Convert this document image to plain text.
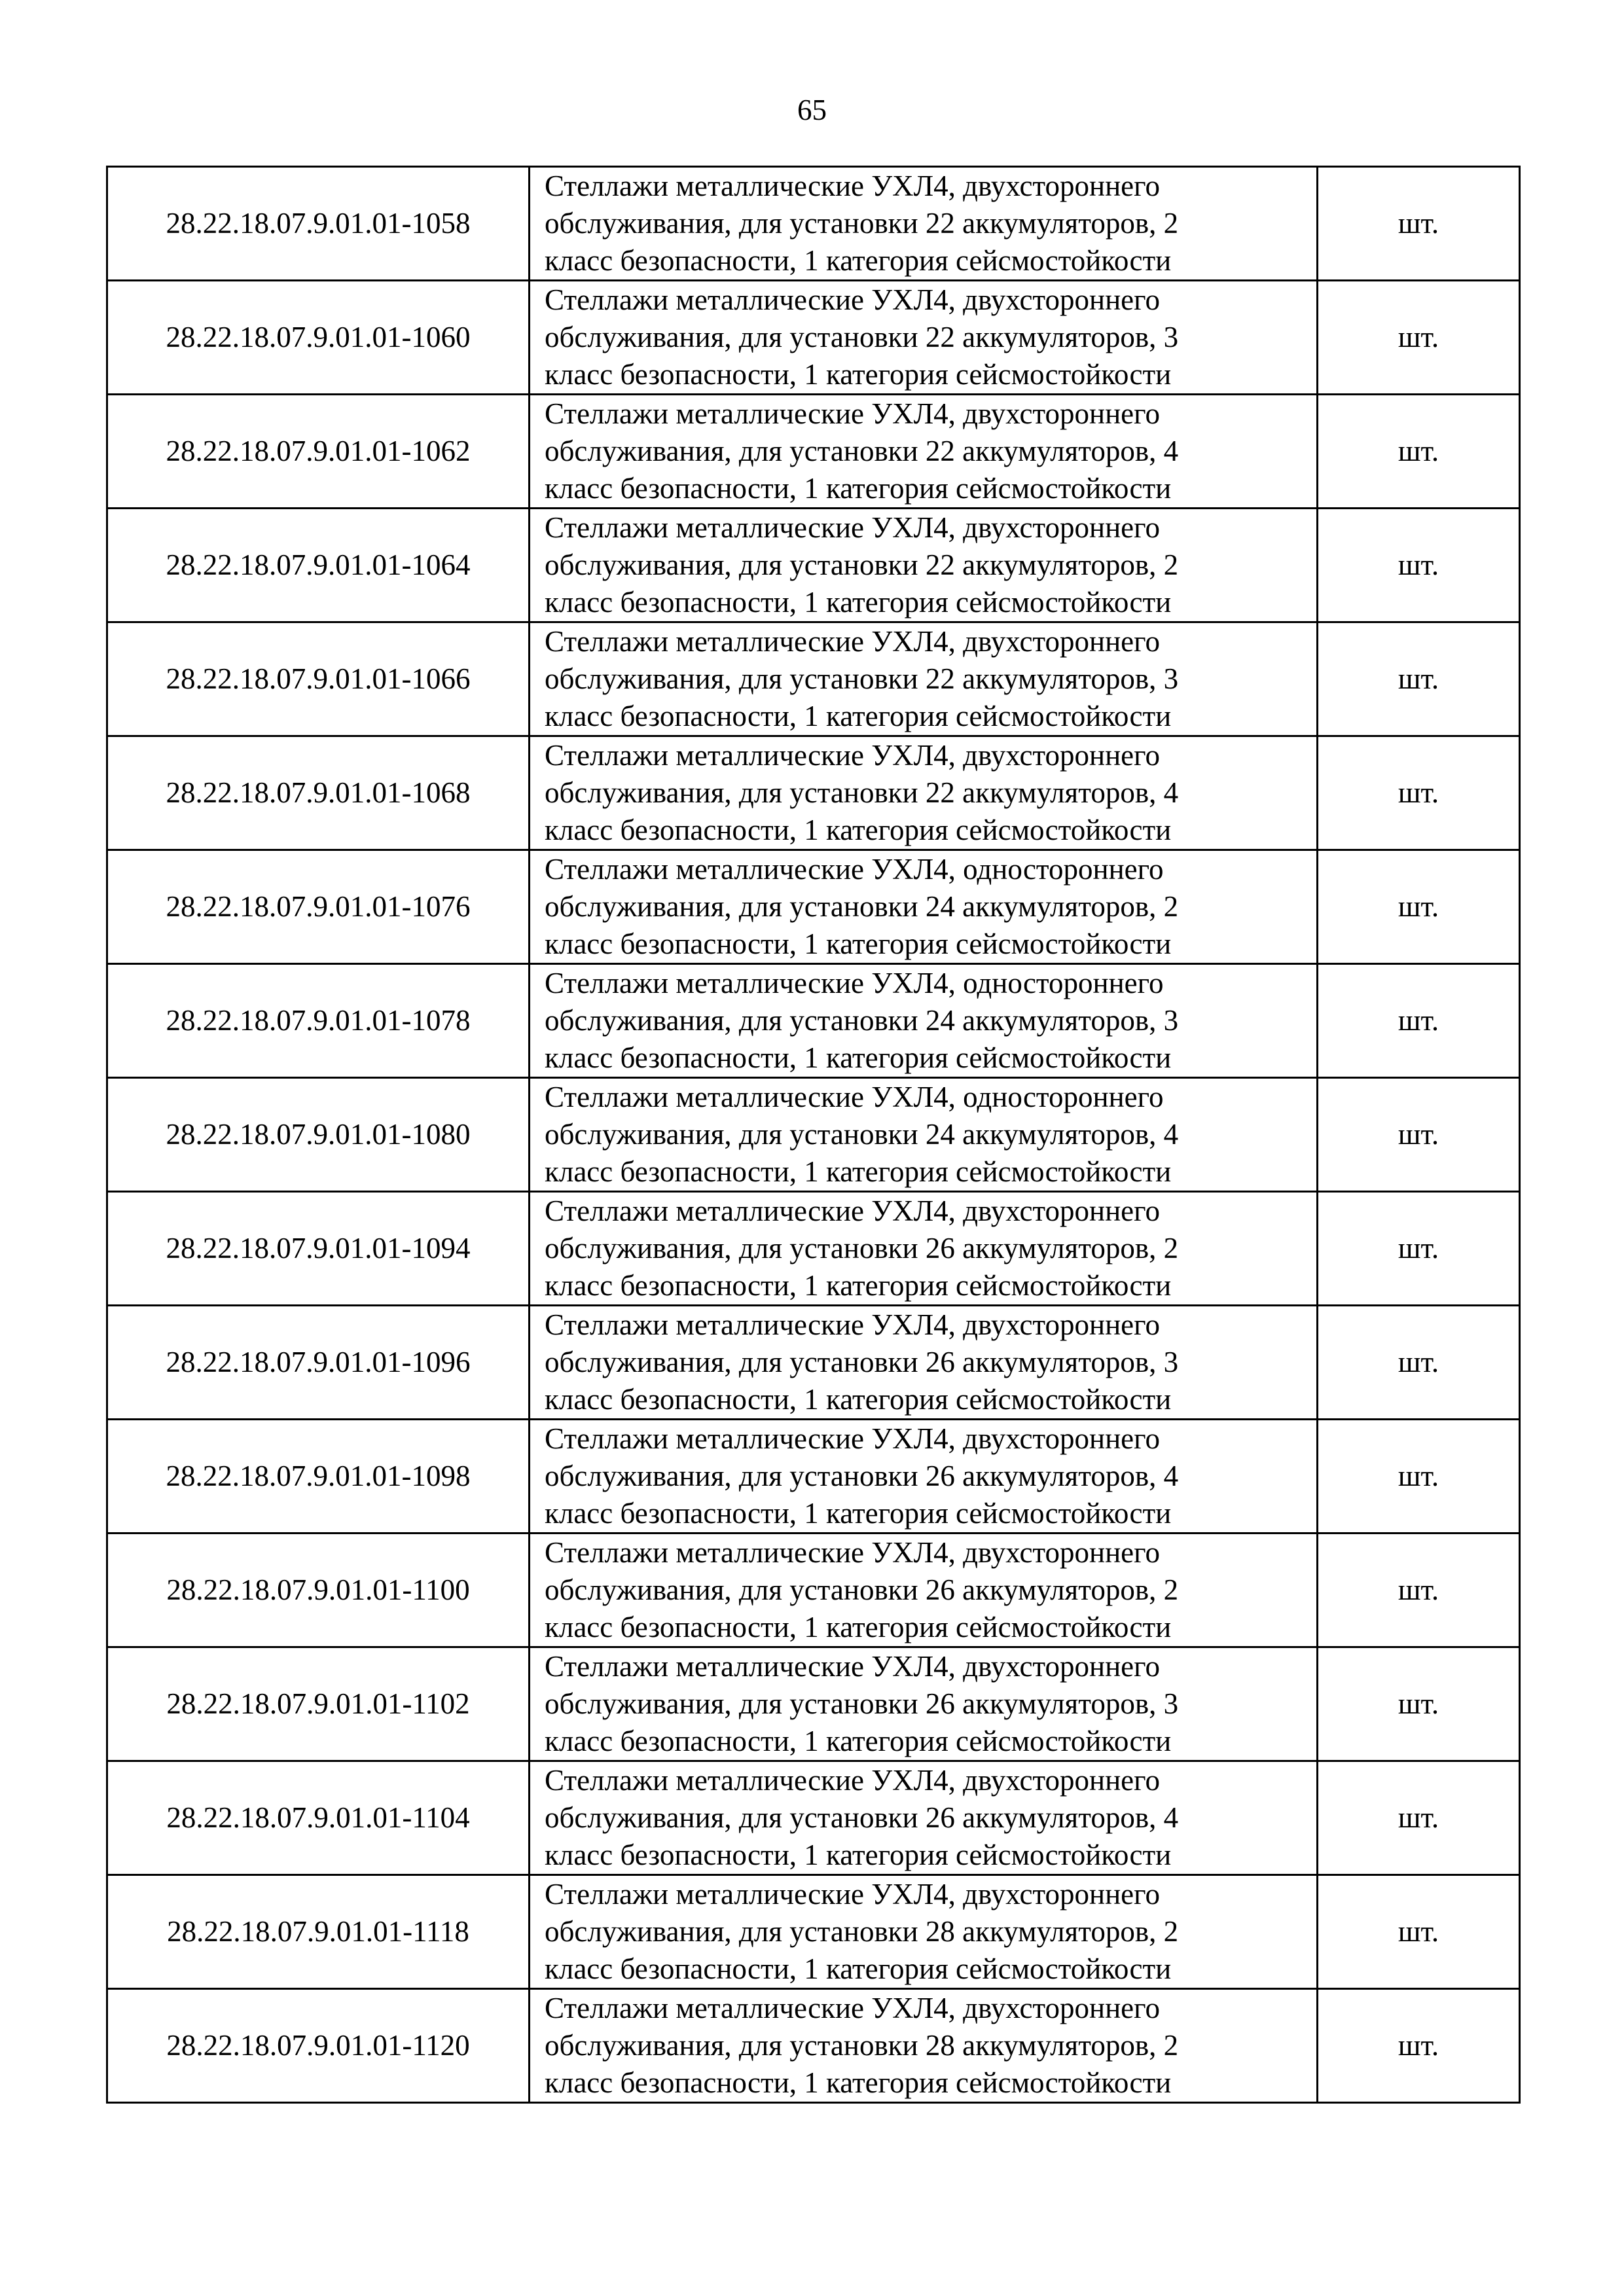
65
28.22.18.07.9.01.01-1058	Стеллажи металлические УХЛ4, двухстороннего
обслуживания, для установки 22 аккумуляторов, 2
класс безопасности, 1 категория сейсмостойкости	шт.
28.22.18.07.9.01.01-1060	Стеллажи металлические УХЛ4, двухстороннего
обслуживания, для установки 22 аккумуляторов, 3
класс безопасности, 1 категория сейсмостойкости	шт.
28.22.18.07.9.01.01-1062	Стеллажи металлические УХЛ4, двухстороннего
обслуживания, для установки 22 аккумуляторов, 4
класс безопасности, 1 категория сейсмостойкости	шт.
28.22.18.07.9.01.01-1064	Стеллажи металлические УХЛ4, двухстороннего
обслуживания, для установки 22 аккумуляторов, 2
класс безопасности, 1 категория сейсмостойкости	шт.
28.22.18.07.9.01.01-1066	Стеллажи металлические УХЛ4, двухстороннего
обслуживания, для установки 22 аккумуляторов, 3
класс безопасности, 1 категория сейсмостойкости	шт.
28.22.18.07.9.01.01-1068	Стеллажи металлические УХЛ4, двухстороннего
обслуживания, для установки 22 аккумуляторов, 4
класс безопасности, 1 категория сейсмостойкости	шт.
28.22.18.07.9.01.01-1076	Стеллажи металлические УХЛ4, одностороннего
обслуживания, для установки 24 аккумуляторов, 2
класс безопасности, 1 категория сейсмостойкости	шт.
28.22.18.07.9.01.01-1078	Стеллажи металлические УХЛ4, одностороннего
обслуживания, для установки 24 аккумуляторов, 3
класс безопасности, 1 категория сейсмостойкости	шт.
28.22.18.07.9.01.01-1080	Стеллажи металлические УХЛ4, одностороннего
обслуживания, для установки 24 аккумуляторов, 4
класс безопасности, 1 категория сейсмостойкости	шт.
28.22.18.07.9.01.01-1094	Стеллажи металлические УХЛ4, двухстороннего
обслуживания, для установки 26 аккумуляторов, 2
класс безопасности, 1 категория сейсмостойкости	шт.
28.22.18.07.9.01.01-1096	Стеллажи металлические УХЛ4, двухстороннего
обслуживания, для установки 26 аккумуляторов, 3
класс безопасности, 1 категория сейсмостойкости	шт.
28.22.18.07.9.01.01-1098	Стеллажи металлические УХЛ4, двухстороннего
обслуживания, для установки 26 аккумуляторов, 4
класс безопасности, 1 категория сейсмостойкости	шт.
28.22.18.07.9.01.01-1100	Стеллажи металлические УХЛ4, двухстороннего
обслуживания, для установки 26 аккумуляторов, 2
класс безопасности, 1 категория сейсмостойкости	шт.
28.22.18.07.9.01.01-1102	Стеллажи металлические УХЛ4, двухстороннего
обслуживания, для установки 26 аккумуляторов, 3
класс безопасности, 1 категория сейсмостойкости	шт.
28.22.18.07.9.01.01-1104	Стеллажи металлические УХЛ4, двухстороннего
обслуживания, для установки 26 аккумуляторов, 4
класс безопасности, 1 категория сейсмостойкости	шт.
28.22.18.07.9.01.01-1118	Стеллажи металлические УХЛ4, двухстороннего
обслуживания, для установки 28 аккумуляторов, 2
класс безопасности, 1 категория сейсмостойкости	шт.
28.22.18.07.9.01.01-1120	Стеллажи металлические УХЛ4, двухстороннего
обслуживания, для установки 28 аккумуляторов, 2
класс безопасности, 1 категория сейсмостойкости	шт.
